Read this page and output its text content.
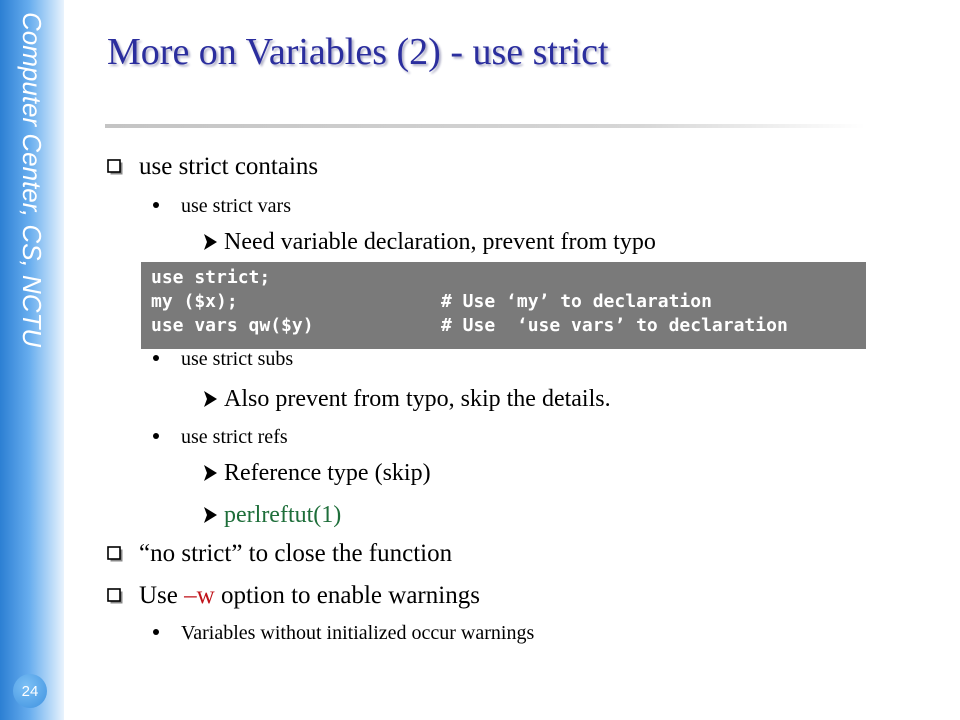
Computer Center, CS, NCTU
24
More on Variables (2) - use strict
use strict contains
use strict vars
Need variable declaration, prevent from typo

use strict;

my ($x);

	# Use ‘my’ to declaration

use vars qw($y)

	# Use  ‘use vars’ to declaration

use strict subs
Also prevent from typo, skip the details.
use strict refs
Reference type (skip)
perlreftut(1)
“no strict” to close the function
Use –w option to enable warnings
Variables without initialized occur warnings
